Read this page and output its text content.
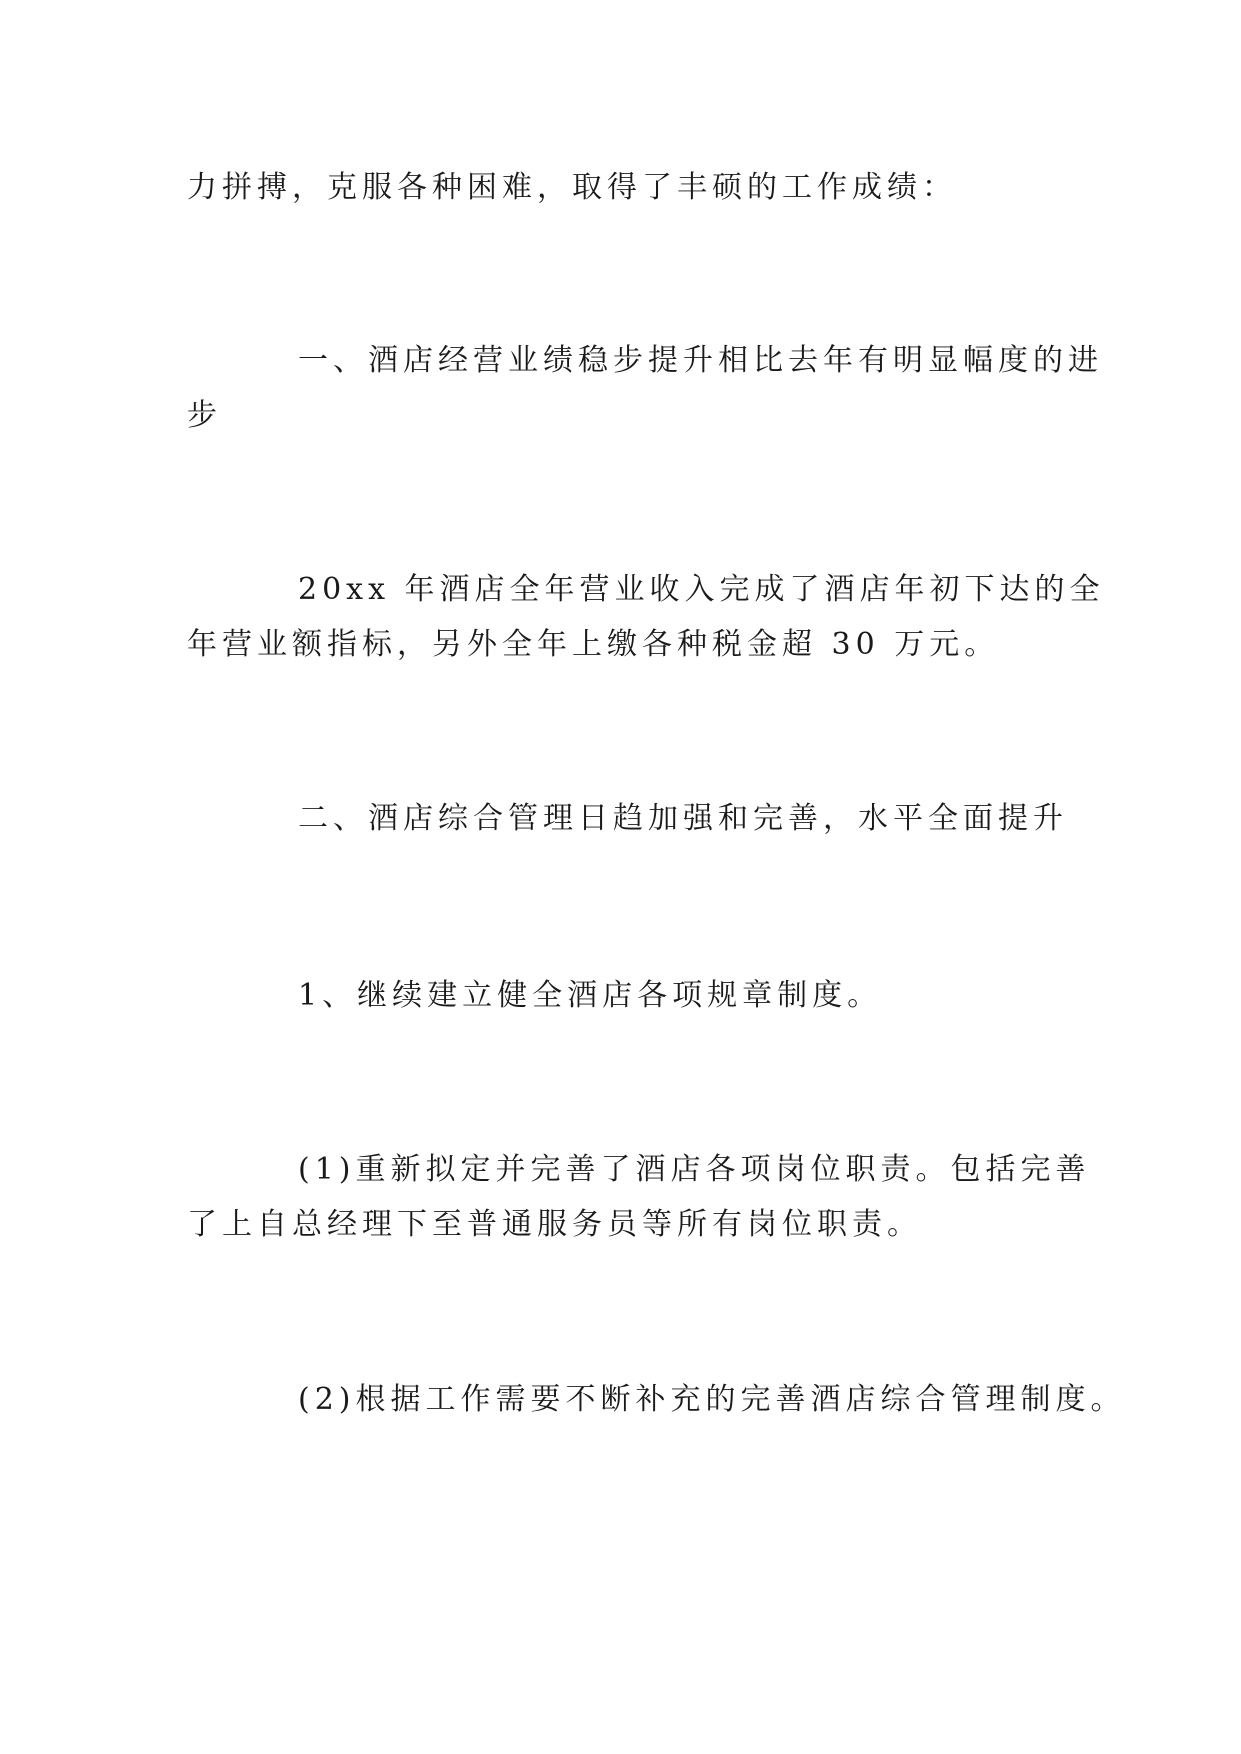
力拼搏，克服各种困难，取得了丰硕的工作成绩：
一、酒店经营业绩稳步提升相比去年有明显幅度的进
步
20xx 年酒店全年营业收入完成了酒店年初下达的全
年营业额指标，另外全年上缴各种税金超 30 万元。
二、酒店综合管理日趋加强和完善，水平全面提升
1、继续建立健全酒店各项规章制度。
(1)重新拟定并完善了酒店各项岗位职责。包括完善
了上自总经理下至普通服务员等所有岗位职责。
(2)根据工作需要不断补充的完善酒店综合管理制度。
